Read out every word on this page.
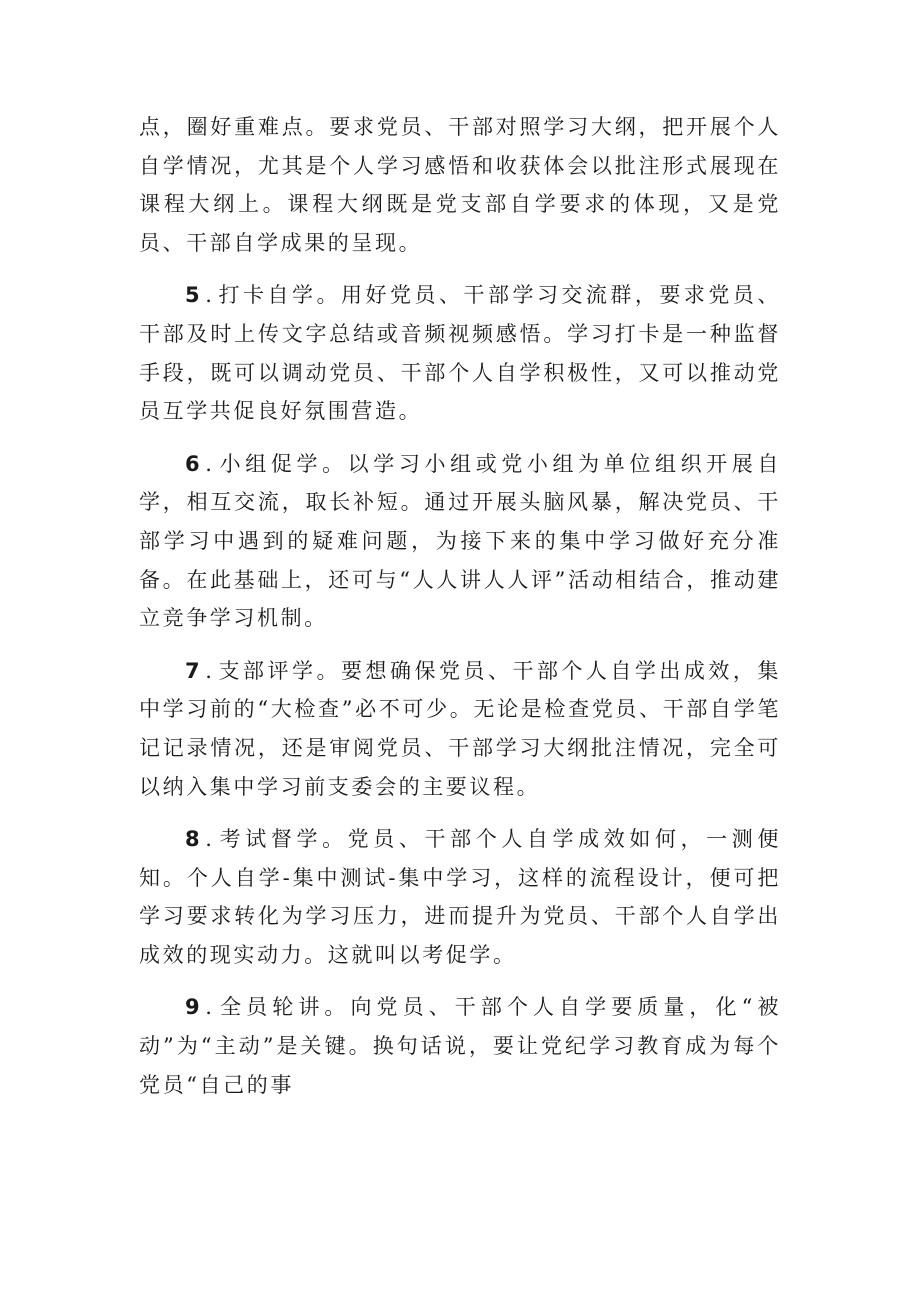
点，圈好重难点。要求党员、干部对照学习大纲，把开展个人自学情况，尤其是个人学习感悟和收获体会以批注形式展现在课程大纲上。课程大纲既是党支部自学要求的体现，又是党员、干部自学成果的呈现。

5 . 打卡自学。用好党员、干部学习交流群，要求党员、干部及时上传文字总结或音频视频感悟。学习打卡是一种监督手段，既可以调动党员、干部个人自学积极性，又可以推动党员互学共促良好氛围营造。

6 . 小组促学。以学习小组或党小组为单位组织开展自学，相互交流，取长补短。通过开展头脑风暴，解决党员、干部学习中遇到的疑难问题，为接下来的集中学习做好充分准备。在此基础上，还可与“人人讲人人评”活动相结合，推动建立竞争学习机制。

7 . 支部评学。要想确保党员、干部个人自学出成效，集中学习前的“大检查”必不可少。无论是检查党员、干部自学笔记记录情况，还是审阅党员、干部学习大纲批注情况，完全可以纳入集中学习前支委会的主要议程。

8 . 考试督学。党员、干部个人自学成效如何，一测便知。个人自学-集中测试-集中学习，这样的流程设计，便可把学习要求转化为学习压力，进而提升为党员、干部个人自学出成效的现实动力。这就叫以考促学。

9 . 全员轮讲。向党员、干部个人自学要质量，化“被动”为“主动”是关键。换句话说，要让党纪学习教育成为每个党员“自己的事
